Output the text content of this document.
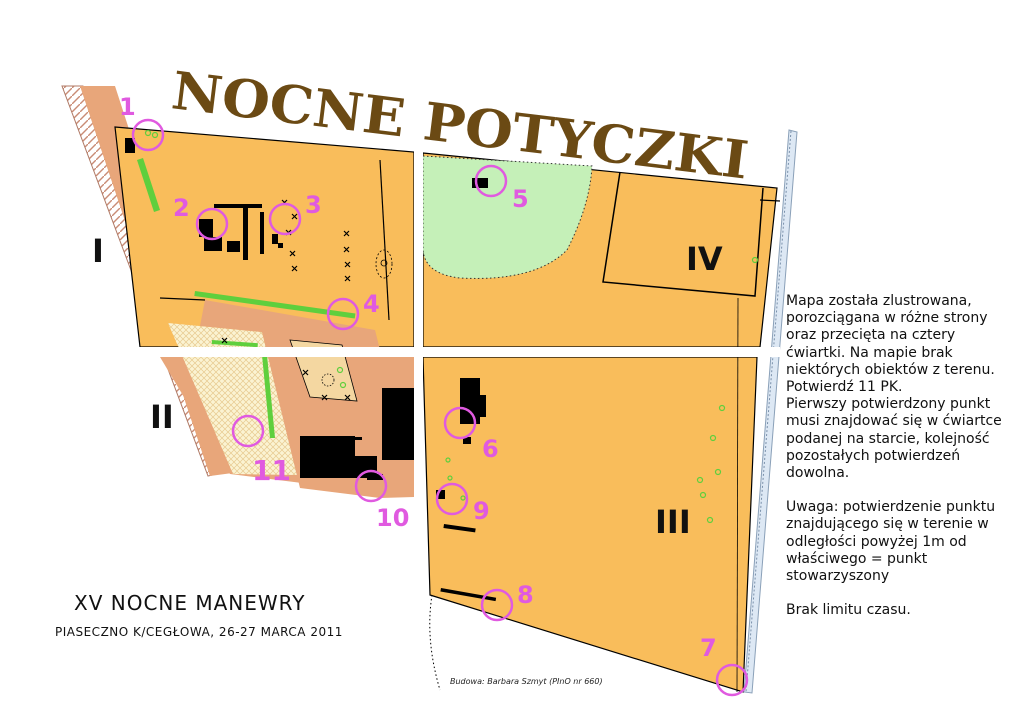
NOCNE POTYCZKI
I
II
III
IV
1
2	3
4
5
6
7
8
9
10
11

Mapa została zlustrowana, porozciągana w różne strony oraz przecięta na cztery ćwiartki. Na mapie brak niektórych obiektów z terenu.

Potwierdź 11 PK.

Pierwszy potwierdzony punkt musi znajdować się w ćwiartce podanej na starcie, kolejność pozostałych potwierdzeń dowolna.

Uwaga: potwierdzenie punktu znajdującego się w terenie w odległości powyżej 1m od właściwego = punkt stowarzyszony

Brak limitu czasu.

XV NOCNE MANEWRY
PIASECZNO K/CEGŁOWA, 26-27 MARCA 2011
Budowa: Barbara Szmyt (PInO nr 660)
